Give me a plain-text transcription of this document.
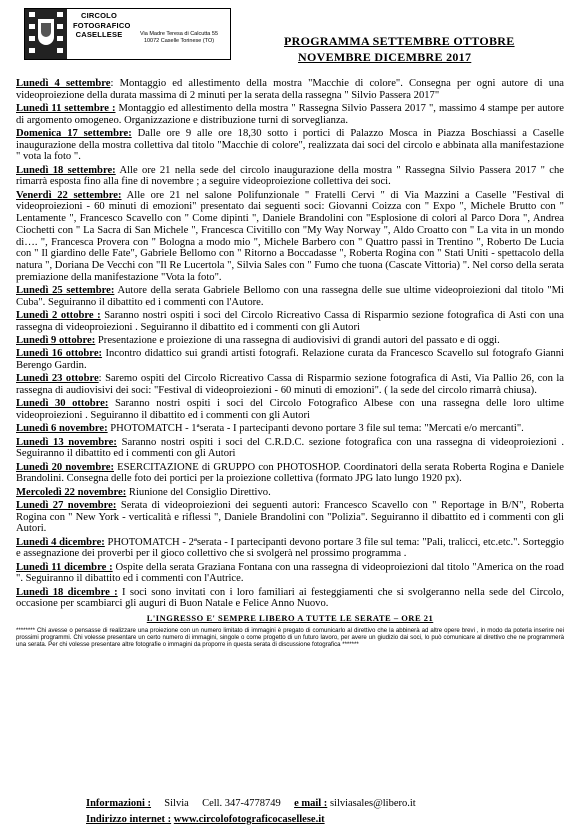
CIRCOLO
FOTOGRAFICO
CASELLESE	Via Madre Teresa di Calcutta 55
10072 Caselle Torinese (TO)	PROGRAMMA SETTEMBRE OTTOBRE
NOVEMBRE DICEMBRE 2017

Lunedì 4 settembre: Montaggio ed allestimento della mostra "Macchie di colore". Consegna per ogni autore di una videoproiezione della durata massima di 2 minuti per la serata della rassegna " Silvio Passera 2017"

Lunedì 11 settembre : Montaggio ed allestimento della mostra " Rassegna Silvio Passera 2017 ", massimo 4 stampe per autore di argomento omogeneo. Organizzazione e distribuzione turni di sorveglianza.

Domenica 17 settembre: Dalle ore 9 alle ore 18,30 sotto i portici di Palazzo Mosca in Piazza Boschiassi a Caselle inaugurazione della mostra collettiva dal titolo "Macchie di colore", realizzata dai soci del circolo e abbinata alla manifestazione " vota la foto ".

Lunedì 18 settembre: Alle ore 21 nella sede del circolo inaugurazione della mostra " Rassegna Silvio Passera 2017 " che rimarrà esposta fino alla fine di novembre ; a seguire videoproiezione collettiva dei soci.

Venerdì 22 settembre: Alle ore 21 nel salone Polifunzionale " Fratelli Cervi " di Via Mazzini a Caselle "Festival di videoproiezioni - 60 minuti di emozioni" presentato dai seguenti soci: Giovanni Coizza con " Expo ", Michele Brutto con " Lentamente ", Francesco Scavello con " Come dipinti ", Daniele Brandolini con "Esplosione di colori al Parco Dora ", Andrea Ciochetti con " La Sacra di San Michele ", Francesca Civitillo con "My Way Norway ", Aldo Croatto con " La vita in un mondo di…. ", Francesca Provera con " Bologna a modo mio ", Michele Barbero con " Quattro passi in Trentino ", Roberto De Lucia con " Il giardino delle Fate", Gabriele Bellomo con " Ritorno a Boccadasse ", Roberta Rogina con " Stati Uniti - spettacolo della natura ", Doriana De Vecchi con "Il Re Lucertola ", Silvia Sales con " Fumo che tuona (Cascate Vittoria) ". Nel corso della serata premiazione della manifestazione "Vota la foto".

Lunedì 25 settembre: Autore della serata Gabriele Bellomo con una rassegna delle sue ultime videoproiezioni dal titolo "Mi Cuba". Seguiranno il dibattito ed i commenti con l'Autore.

Lunedì 2 ottobre : Saranno nostri ospiti i soci del Circolo Ricreativo Cassa di Risparmio sezione fotografica di Asti con una rassegna di videoproiezioni . Seguiranno il dibattito ed i commenti con gli Autori

Lunedì 9 ottobre: Presentazione e proiezione di una rassegna di audiovisivi di grandi autori del passato e di oggi.

Lunedì 16 ottobre: Incontro didattico sui grandi artisti fotografi. Relazione curata da Francesco Scavello sul fotografo Gianni Berengo Gardin.

Lunedì 23 ottobre: Saremo ospiti del Circolo Ricreativo Cassa di Risparmio sezione fotografica di Asti, Via Pallio 26, con la rassegna di audiovisivi dei soci: "Festival di videoproiezioni - 60 minuti di emozioni". ( la sede del circolo rimarrà chiusa).

Lunedì 30 ottobre: Saranno nostri ospiti i soci del Circolo Fotografico Albese con una rassegna delle loro ultime videoproiezioni . Seguiranno il dibattito ed i commenti con gli Autori

Lunedì 6 novembre: PHOTOMATCH - 1ªserata - I partecipanti devono portare 3 file sul tema: "Mercati e/o mercanti".

Lunedì 13 novembre: Saranno nostri ospiti i soci del C.R.D.C. sezione fotografica con una rassegna di videoproiezioni . Seguiranno il dibattito ed i commenti con gli Autori

Lunedì 20 novembre: ESERCITAZIONE di GRUPPO con PHOTOSHOP. Coordinatori della serata Roberta Rogina e Daniele Brandolini. Consegna delle foto dei portici per la proiezione collettiva (formato JPG lato lungo 1920 px).

Mercoledì 22 novembre: Riunione del Consiglio Direttivo.

Lunedì 27 novembre: Serata di videoproiezioni dei seguenti autori: Francesco Scavello con " Reportage in B/N", Roberta Rogina con " New York - verticalità e riflessi ", Daniele Brandolini con "Polizia". Seguiranno il dibattito ed i commenti con gli Autori.

Lunedì 4 dicembre: PHOTOMATCH - 2ªserata - I partecipanti devono portare 3 file sul tema: "Pali, tralicci, etc.etc.". Sorteggio e assegnazione dei proverbi per il gioco collettivo che si svolgerà nel prossimo programma .

Lunedì 11 dicembre : Ospite della serata Graziana Fontana con una rassegna di videoproiezioni dal titolo "America on the road ". Seguiranno il dibattito ed i commenti con l'Autrice.

Lunedì 18 dicembre : I soci sono invitati con i loro familiari ai festeggiamenti che si svolgeranno nella sede del Circolo, occasione per scambiarci gli auguri di Buon Natale e Felice Anno Nuovo.

L'INGRESSO E' SEMPRE LIBERO A TUTTE LE SERATE – ORE 21
******** Chi avesse o pensasse di realizzare una proiezione con un numero limitato di immagini è pregato di comunicarlo al direttivo che la abbinerà ad altre opere brevi , in modo da poterla inserire nei prossimi programmi. Chi volesse presentare un certo numero di immagini, singole o come progetto di un futuro lavoro, per avere un giudizio dai soci, lo può comunicare al direttivo che ne programmerà una serata. Per chi volesse presentare altre fotografie o immagini da proporre in questa serata di discussione fotografica *******
Informazioni : Silvia Cell. 347-4778749 e mail : silviasales@libero.it
Indirizzo internet : www.circolofotograficocasellese.it
